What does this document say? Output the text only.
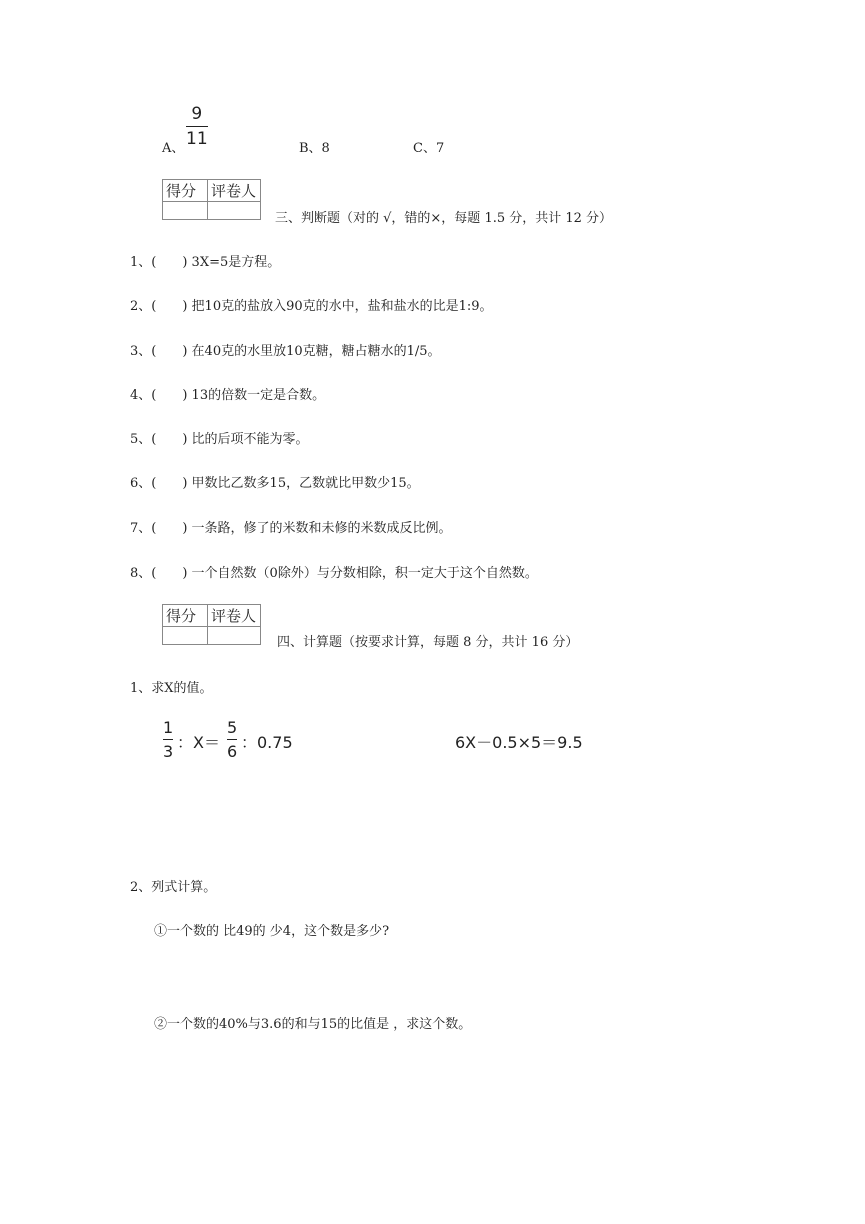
A、
9
11	B、8	C、7
得分	评卷人

三、判断题（对的 √，错的×，每题 1.5 分，共计 12 分）
1、(　　) 3X=5是方程。
2、(　　) 把10克的盐放入90克的水中，盐和盐水的比是1:9。
3、(　　) 在40克的水里放10克糖，糖占糖水的1/5。
4、(　　) 13的倍数一定是合数。
5、(　　) 比的后项不能为零。
6、(　　) 甲数比乙数多15，乙数就比甲数少15。
7、(　　) 一条路，修了的米数和未修的米数成反比例。
8、(　　) 一个自然数（0除外）与分数相除，积一定大于这个自然数。
得分	评卷人

四、计算题（按要求计算，每题 8 分，共计 16 分）
1、求X的值。
1
3 ：X＝
5
6 ：0.75	6X－0.5×5＝9.5
2、列式计算。
①一个数的 比49的 少4，这个数是多少?
②一个数的40%与3.6的和与15的比值是 ，求这个数。
